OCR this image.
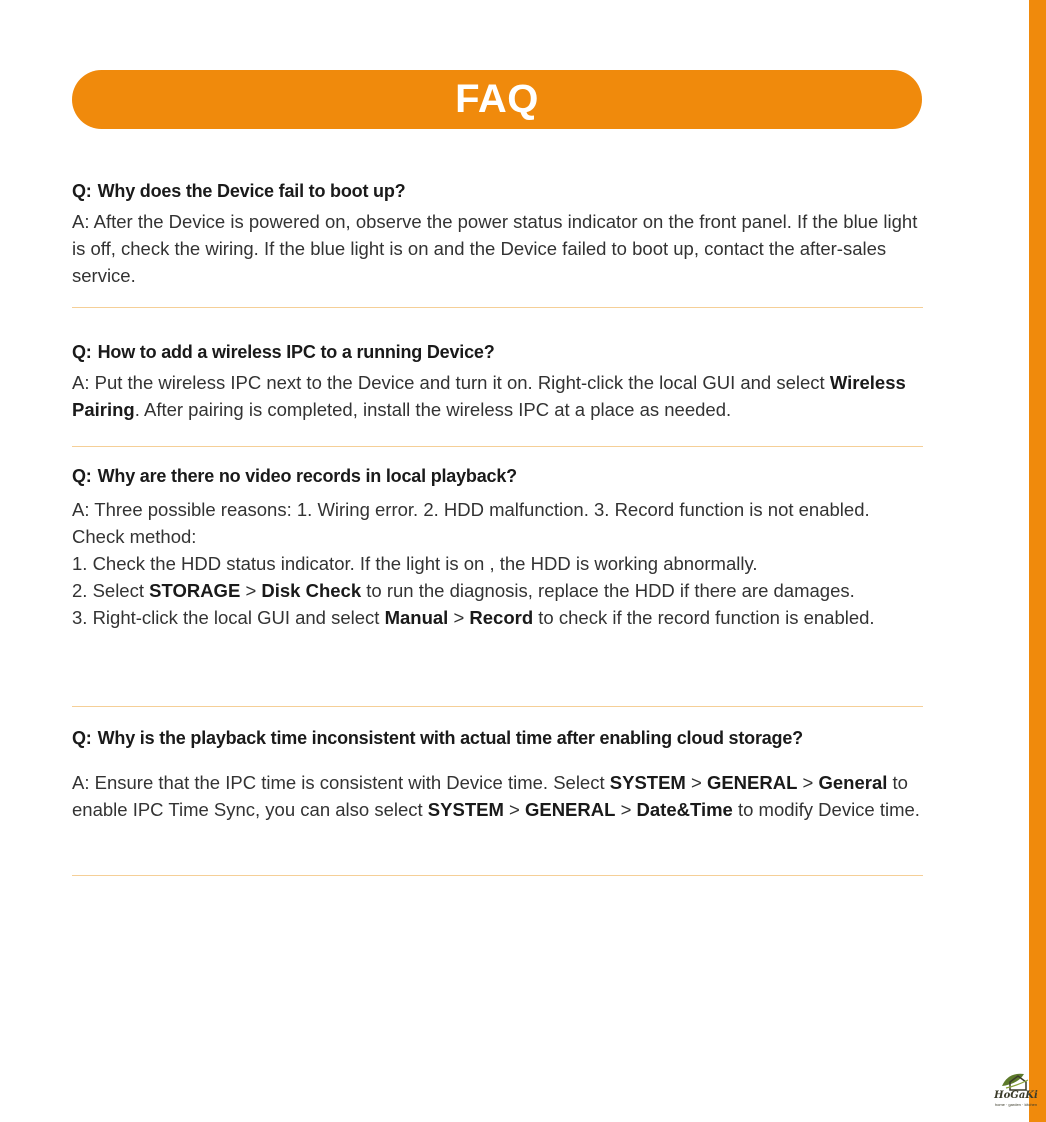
FAQ

Q: Why does the Device fail to boot up?

A: After the Device is powered on, observe the power status indicator on the front panel. If the blue light is off, check the wiring. If the blue light is on and the Device failed to boot up, contact the after-sales service.

Q: How to add a wireless IPC to a running Device?

A: Put the wireless IPC next to the Device and turn it on. Right-click the local GUI and select Wireless Pairing. After pairing is completed, install the wireless IPC at a place as needed.

Q: Why are there no video records in local playback?

A: Three possible reasons: 1. Wiring error. 2. HDD malfunction. 3. Record function is not enabled.

Check method:

1. Check the HDD status indicator. If the light is on , the HDD is working abnormally.

2. Select STORAGE > Disk Check to run the diagnosis, replace the HDD if there are damages.

3. Right-click the local GUI and select Manual > Record to check if the record function is enabled.

Q: Why is the playback time inconsistent with actual time after enabling cloud storage?

A: Ensure that the IPC time is consistent with Device time. Select SYSTEM > GENERAL > General to enable IPC Time Sync, you can also select SYSTEM > GENERAL > Date&Time to modify Device time.

HoGaKi
home · garden · kitchen
